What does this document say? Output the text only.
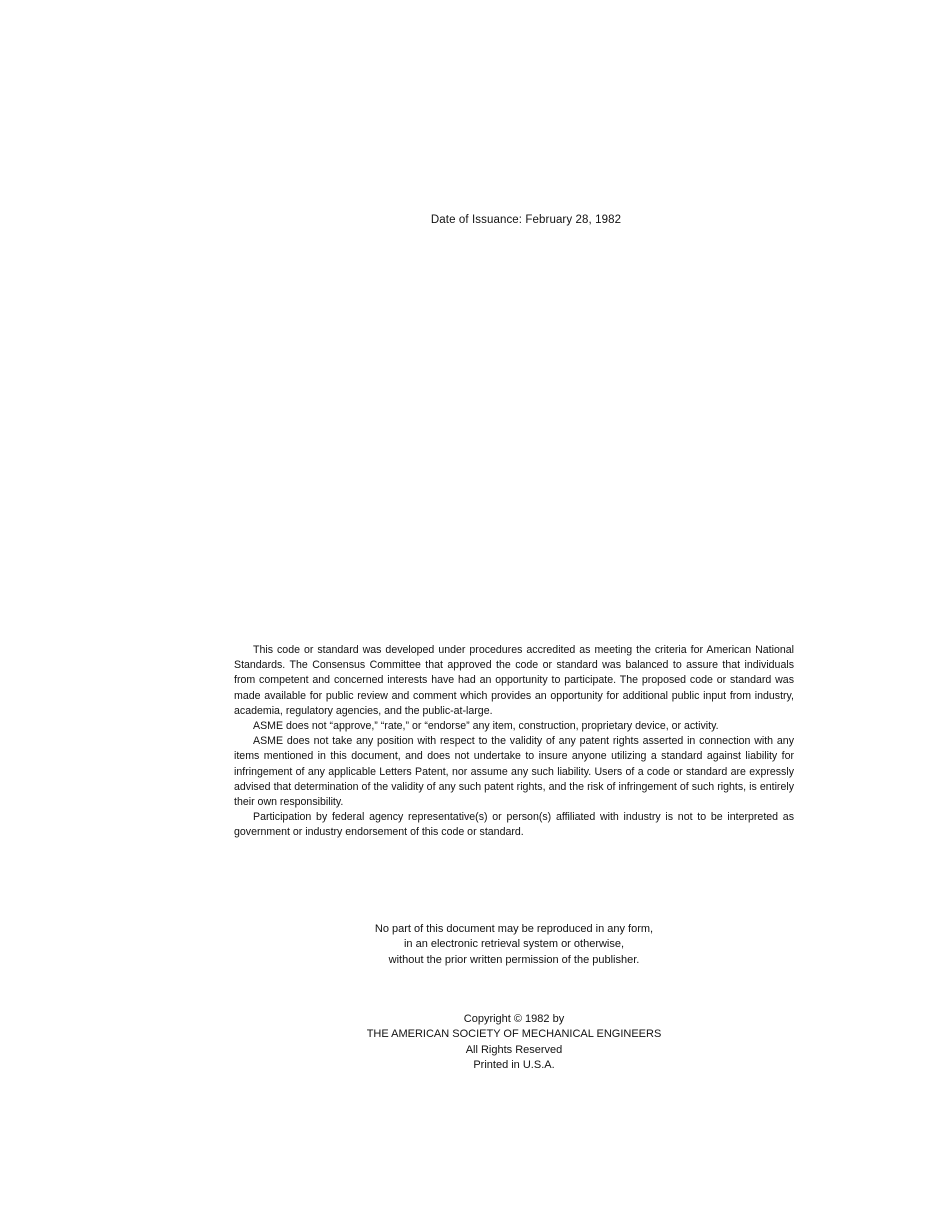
Date of Issuance: February 28, 1982

This code or standard was developed under procedures accredited as meeting the criteria for American National Standards. The Consensus Committee that approved the code or standard was balanced to assure that individuals from competent and concerned interests have had an opportunity to participate. The proposed code or standard was made available for public review and comment which provides an opportunity for additional public input from industry, academia, regulatory agencies, and the public-at-large.

ASME does not “approve,” “rate,” or “endorse” any item, construction, proprietary device, or activity.

ASME does not take any position with respect to the validity of any patent rights asserted in connection with any items mentioned in this document, and does not undertake to insure anyone utilizing a standard against liability for infringement of any applicable Letters Patent, nor assume any such liability. Users of a code or standard are expressly advised that determination of the validity of any such patent rights, and the risk of infringement of such rights, is entirely their own responsibility.

Participation by federal agency representative(s) or person(s) affiliated with industry is not to be interpreted as government or industry endorsement of this code or standard.

No part of this document may be reproduced in any form,
in an electronic retrieval system or otherwise,
without the prior written permission of the publisher.
Copyright © 1982 by
THE AMERICAN SOCIETY OF MECHANICAL ENGINEERS
All Rights Reserved
Printed in U.S.A.
